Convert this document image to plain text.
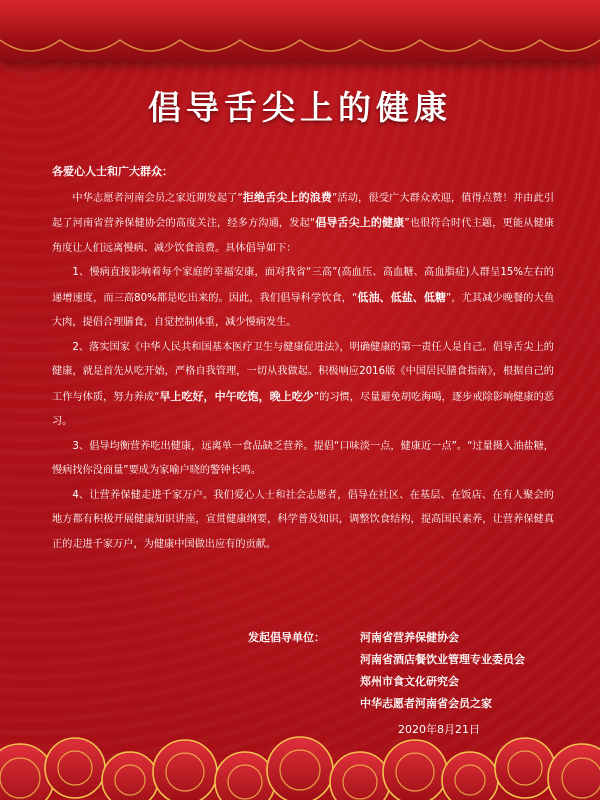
倡导舌尖上的健康

各爱心人士和广大群众：

中华志愿者河南会员之家近期发起了“拒绝舌尖上的浪费”活动，很受广大群众欢迎，值得点赞！并由此引起了河南省营养保健协会的高度关注，经多方沟通，发起“倡导舌尖上的健康”也很符合时代主题，更能从健康角度让人们远离慢病、减少饮食浪费。具体倡导如下：

1、慢病直接影响着每个家庭的幸福安康，面对我省“三高”(高血压、高血糖、高血脂症)人群呈15%左右的递增速度，而三高80%都是吃出来的。因此，我们倡导科学饮食，“低油、低盐、低糖”，尤其减少晚餐的大鱼大肉，提倡合理膳食，自觉控制体重，减少慢病发生。

2、落实国家《中华人民共和国基本医疗卫生与健康促进法》，明确健康的第一责任人是自己。倡导舌尖上的健康，就是首先从吃开始，严格自我管理，一切从我做起。积极响应2016版《中国居民膳食指南》，根据自己的工作与体质，努力养成“早上吃好，中午吃饱，晚上吃少”的习惯，尽量避免胡吃海喝，逐步戒除影响健康的恶习。

3、倡导均衡营养吃出健康，远离单一食品缺乏营养。提倡“口味淡一点，健康近一点”。“过量摄入油盐糖，慢病找你没商量”要成为家喻户晓的警钟长鸣。

4、让营养保健走进千家万户。我们爱心人士和社会志愿者，倡导在社区、在基层、在饭店、在有人聚会的地方都有积极开展健康知识讲座，宣贯健康纲要，科学普及知识，调整饮食结构，提高国民素养，让营养保健真正的走进千家万户，为健康中国做出应有的贡献。

发起倡导单位：	河南省营养保健协会
河南省酒店餐饮业管理专业委员会
郑州市食文化研究会
中华志愿者河南省会员之家
2020年8月21日
